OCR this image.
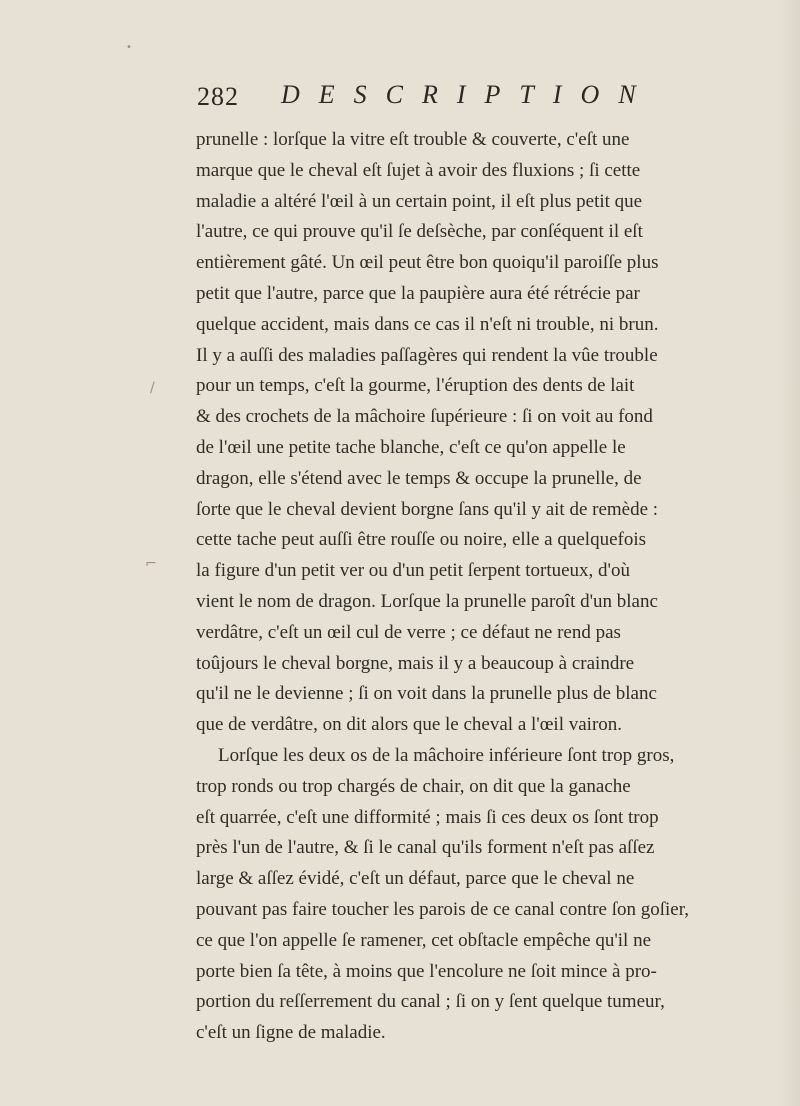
282 DESCRIPTION
prunelle : lorſque la vitre eſt trouble & couverte, c'eſt une
marque que le cheval eſt ſujet à avoir des fluxions ; ſi cette
maladie a altéré l'œil à un certain point, il eſt plus petit que
l'autre, ce qui prouve qu'il ſe deſsèche, par conſéquent il eſt
entièrement gâté. Un œil peut être bon quoiqu'il paroiſſe plus
petit que l'autre, parce que la paupière aura été rétrécie par
quelque accident, mais dans ce cas il n'eſt ni trouble, ni brun.
Il y a auſſi des maladies paſſagères qui rendent la vûe trouble
pour un temps, c'eſt la gourme, l'éruption des dents de lait
& des crochets de la mâchoire ſupérieure : ſi on voit au fond
de l'œil une petite tache blanche, c'eſt ce qu'on appelle le
dragon, elle s'étend avec le temps & occupe la prunelle, de
ſorte que le cheval devient borgne ſans qu'il y ait de remède :
cette tache peut auſſi être rouſſe ou noire, elle a quelquefois
la figure d'un petit ver ou d'un petit ſerpent tortueux, d'où
vient le nom de dragon. Lorſque la prunelle paroît d'un blanc
verdâtre, c'eſt un œil cul de verre ; ce défaut ne rend pas
toûjours le cheval borgne, mais il y a beaucoup à craindre
qu'il ne le devienne ; ſi on voit dans la prunelle plus de blanc
que de verdâtre, on dit alors que le cheval a l'œil vairon.
Lorſque les deux os de la mâchoire inférieure ſont trop gros,
trop ronds ou trop chargés de chair, on dit que la ganache
eſt quarrée, c'eſt une difformité ; mais ſi ces deux os ſont trop
près l'un de l'autre, & ſi le canal qu'ils forment n'eſt pas aſſez
large & aſſez évidé, c'eſt un défaut, parce que le cheval ne
pouvant pas faire toucher les parois de ce canal contre ſon goſier,
ce que l'on appelle ſe ramener, cet obſtacle empêche qu'il ne
porte bien ſa tête, à moins que l'encolure ne ſoit mince à pro-
portion du reſſerrement du canal ; ſi on y ſent quelque tumeur,
c'eſt un ſigne de maladie.
/
⌐
•
